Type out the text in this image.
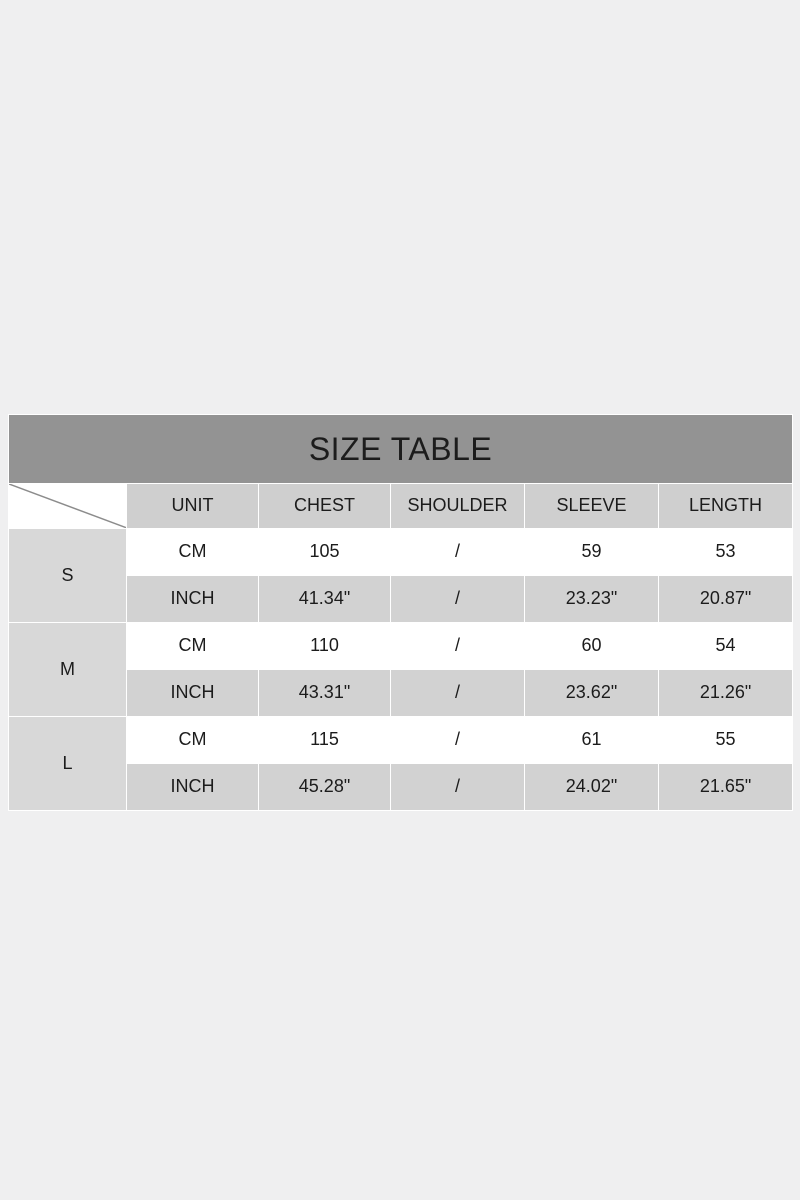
SIZE TABLE					

	UNIT	CHEST	SHOULDER	SLEEVE	LENGTH
S	CM	105	/	59	53
	INCH	41.34"	/	23.23"	20.87"
M	CM	110	/	60	54
	INCH	43.31"	/	23.62"	21.26"
L	CM	115	/	61	55
	INCH	45.28"	/	24.02"	21.65"
